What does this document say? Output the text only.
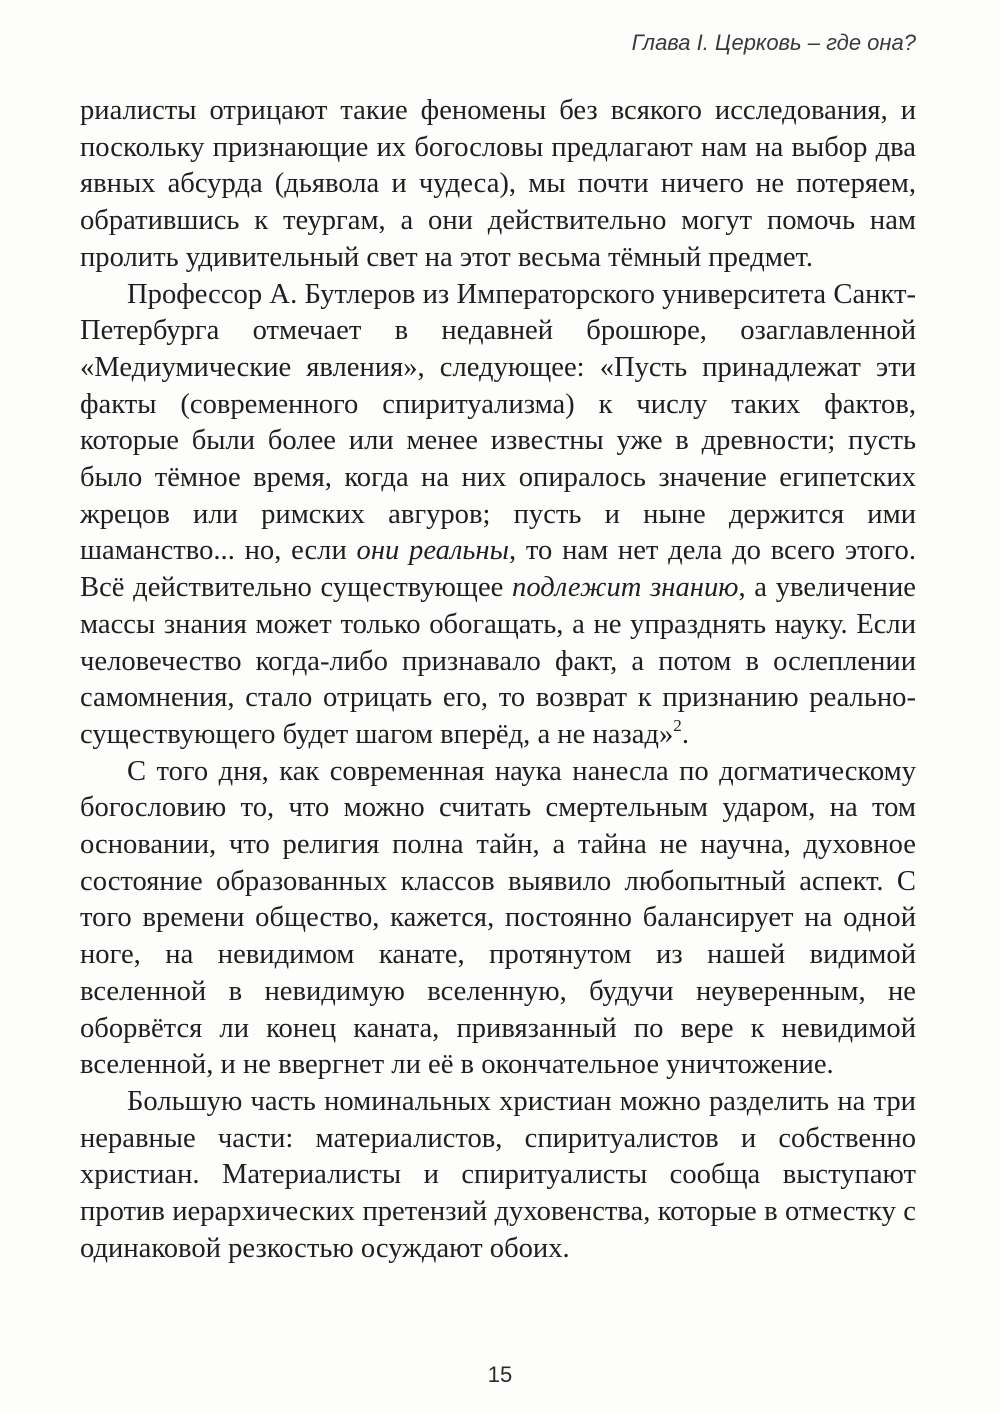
Глава I. Церковь – где она?

риалисты отрицают такие феномены без всякого исследования, и поскольку признающие их богословы предлагают нам на выбор два явных абсурда (дьявола и чудеса), мы почти ничего не потеряем, обратившись к теургам, а они действительно могут помочь нам пролить удивительный свет на этот весьма тёмный предмет.

Профессор А. Бутлеров из Императорского университета Санкт-Петербурга отмечает в недавней брошюре, озаглавленной «Медиумические явления», следующее: «Пусть принадлежат эти факты (современного спиритуализма) к числу таких фактов, которые были более или менее известны уже в древности; пусть было тёмное время, когда на них опиралось значение египетских жрецов или римских авгуров; пусть и ныне держится ими шаманство... но, если они реальны, то нам нет дела до всего этого. Всё действительно существующее подлежит знанию, а увеличение массы знания может только обогащать, а не упразднять науку. Если человечество когда-либо признавало факт, а потом в ослеплении самомнения, стало отрицать его, то возврат к признанию реально-существующего будет шагом вперёд, а не назад»$^2$.

С того дня, как современная наука нанесла по догматическому богословию то, что можно считать смертельным ударом, на том основании, что религия полна тайн, а тайна не научна, духовное состояние образованных классов выявило любопытный аспект. С того времени общество, кажется, постоянно балансирует на одной ноге, на невидимом канате, протянутом из нашей видимой вселенной в невидимую вселенную, будучи неуверенным, не оборвётся ли конец каната, привязанный по вере к невидимой вселенной, и не ввергнет ли её в окончательное уничтожение.

Большую часть номинальных христиан можно разделить на три неравные части: материалистов, спиритуалистов и собственно христиан. Материалисты и спиритуалисты сообща выступают против иерархических претензий духовенства, которые в отместку с одинаковой резкостью осуждают обоих.

15
